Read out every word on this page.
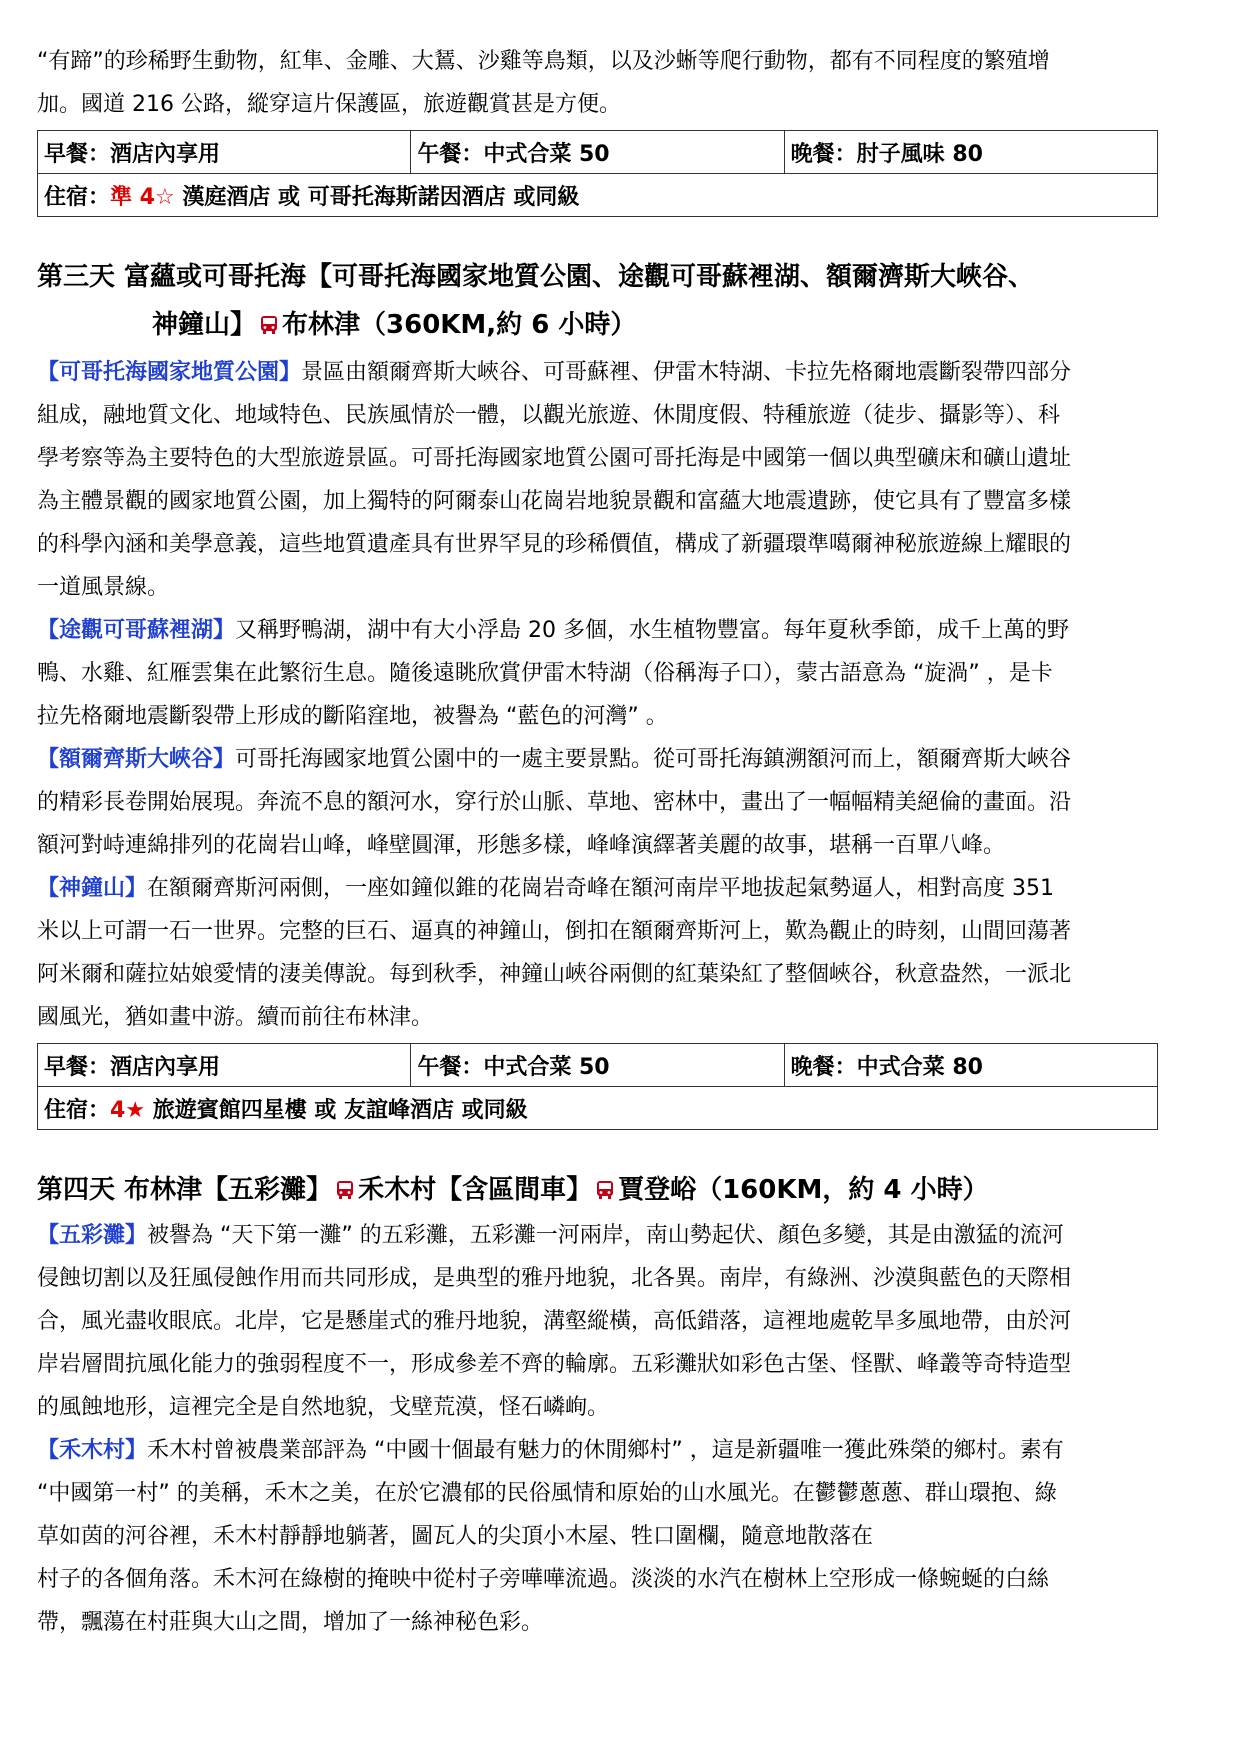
“有蹄”的珍稀野生動物，紅隼、金雕、大鵟、沙雞等鳥類，以及沙蜥等爬行動物，都有不同程度的繁殖增
加。國道 216 公路，縱穿這片保護區，旅遊觀賞甚是方便。

早餐：酒店內享用	午餐：中式合菜 50	晚餐：肘子風味 80
住宿：準 4☆ 漢庭酒店 或 可哥托海斯諾因酒店 或同級
第三天 富蘊或可哥托海【可哥托海國家地質公園、途觀可哥蘇裡湖、額爾濟斯大峽谷、
神鐘山】 布林津（360KM,約 6 小時）

【可哥托海國家地質公園】景區由額爾齊斯大峽谷、可哥蘇裡、伊雷木特湖、卡拉先格爾地震斷裂帶四部分
組成，融地質文化、地域特色、民族風情於一體，以觀光旅遊、休閒度假、特種旅遊（徒步、攝影等）、科
學考察等為主要特色的大型旅遊景區。可哥托海國家地質公園可哥托海是中國第一個以典型礦床和礦山遺址
為主體景觀的國家地質公園，加上獨特的阿爾泰山花崗岩地貌景觀和富蘊大地震遺跡，使它具有了豐富多樣
的科學內涵和美學意義，這些地質遺產具有世界罕見的珍稀價值，構成了新疆環準噶爾神秘旅遊線上耀眼的
一道風景線。

【途觀可哥蘇裡湖】又稱野鴨湖，湖中有大小浮島 20 多個，水生植物豐富。每年夏秋季節，成千上萬的野
鴨、水雞、紅雁雲集在此繁衍生息。隨後遠眺欣賞伊雷木特湖（俗稱海子口），蒙古語意為 “旋渦” ，是卡
拉先格爾地震斷裂帶上形成的斷陷窪地，被譽為 “藍色的河灣” 。

【額爾齊斯大峽谷】可哥托海國家地質公園中的一處主要景點。從可哥托海鎮溯額河而上，額爾齊斯大峽谷
的精彩長卷開始展現。奔流不息的額河水，穿行於山脈、草地、密林中，畫出了一幅幅精美絕倫的畫面。沿
額河對峙連綿排列的花崗岩山峰，峰壁圓渾，形態多樣，峰峰演繹著美麗的故事，堪稱一百單八峰。

【神鐘山】在額爾齊斯河兩側，一座如鐘似錐的花崗岩奇峰在額河南岸平地拔起氣勢逼人，相對高度 351
米以上可謂一石一世界。完整的巨石、逼真的神鐘山，倒扣在額爾齊斯河上，歎為觀止的時刻，山間回蕩著
阿米爾和薩拉姑娘愛情的淒美傳說。每到秋季，神鐘山峽谷兩側的紅葉染紅了整個峽谷，秋意盎然，一派北
國風光，猶如畫中游。續而前往布林津。

早餐：酒店內享用	午餐：中式合菜 50	晚餐：中式合菜 80
住宿：4★ 旅遊賓館四星樓 或 友誼峰酒店 或同級
第四天 布林津【五彩灘】 禾木村【含區間車】 賈登峪（160KM，約 4 小時）

【五彩灘】被譽為 “天下第一灘” 的五彩灘，五彩灘一河兩岸，南山勢起伏、顏色多變，其是由激猛的流河
侵蝕切割以及狂風侵蝕作用而共同形成，是典型的雅丹地貌，北各異。南岸，有綠洲、沙漠與藍色的天際相
合，風光盡收眼底。北岸，它是懸崖式的雅丹地貌，溝壑縱橫，高低錯落，這裡地處乾旱多風地帶，由於河
岸岩層間抗風化能力的強弱程度不一，形成參差不齊的輪廓。五彩灘狀如彩色古堡、怪獸、峰叢等奇特造型
的風蝕地形，這裡完全是自然地貌，戈壁荒漠，怪石嶙峋。

【禾木村】禾木村曾被農業部評為 “中國十個最有魅力的休閒鄉村” ，這是新疆唯一獲此殊榮的鄉村。素有
“中國第一村” 的美稱，禾木之美，在於它濃郁的民俗風情和原始的山水風光。在鬱鬱蔥蔥、群山環抱、綠
草如茵的河谷裡，禾木村靜靜地躺著，圖瓦人的尖頂小木屋、牲口圍欄，隨意地散落在
村子的各個角落。禾木河在綠樹的掩映中從村子旁嘩嘩流過。淡淡的水汽在樹林上空形成一條蜿蜒的白絲
帶，飄蕩在村莊與大山之間，增加了一絲神秘色彩。
